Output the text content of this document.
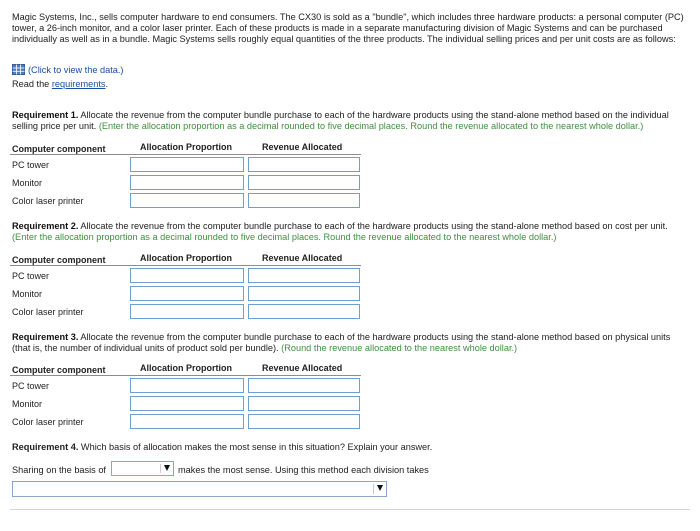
Magic Systems, Inc., sells computer hardware to end consumers. The CX30 is sold as a "bundle", which includes three hardware products: a personal computer (PC) tower, a 26-inch monitor, and a color laser printer. Each of these products is made in a separate manufacturing division of Magic Systems and can be purchased individually as well as in a bundle. Magic Systems sells roughly equal quantities of the three products. The individual selling prices and per unit costs are as follows:
(Click to view the data.)
Read the requirements.
Requirement 1. Allocate the revenue from the computer bundle purchase to each of the hardware products using the stand-alone method based on the individual selling price per unit. (Enter the allocation proportion as a decimal rounded to five decimal places. Round the revenue allocated to the nearest whole dollar.)
Computer component	Allocation Proportion	Revenue Allocated
PC tower
Monitor
Color laser printer
Requirement 2. Allocate the revenue from the computer bundle purchase to each of the hardware products using the stand-alone method based on cost per unit. (Enter the allocation proportion as a decimal rounded to five decimal places. Round the revenue allocated to the nearest whole dollar.)
Computer component	Allocation Proportion	Revenue Allocated
PC tower
Monitor
Color laser printer
Requirement 3. Allocate the revenue from the computer bundle purchase to each of the hardware products using the stand-alone method based on physical units (that is, the number of individual units of product sold per bundle). (Round the revenue allocated to the nearest whole dollar.)
Computer component	Allocation Proportion	Revenue Allocated
PC tower
Monitor
Color laser printer
Requirement 4. Which basis of allocation makes the most sense in this situation? Explain your answer.
Sharing on the basis of	makes the most sense. Using this method each division takes
